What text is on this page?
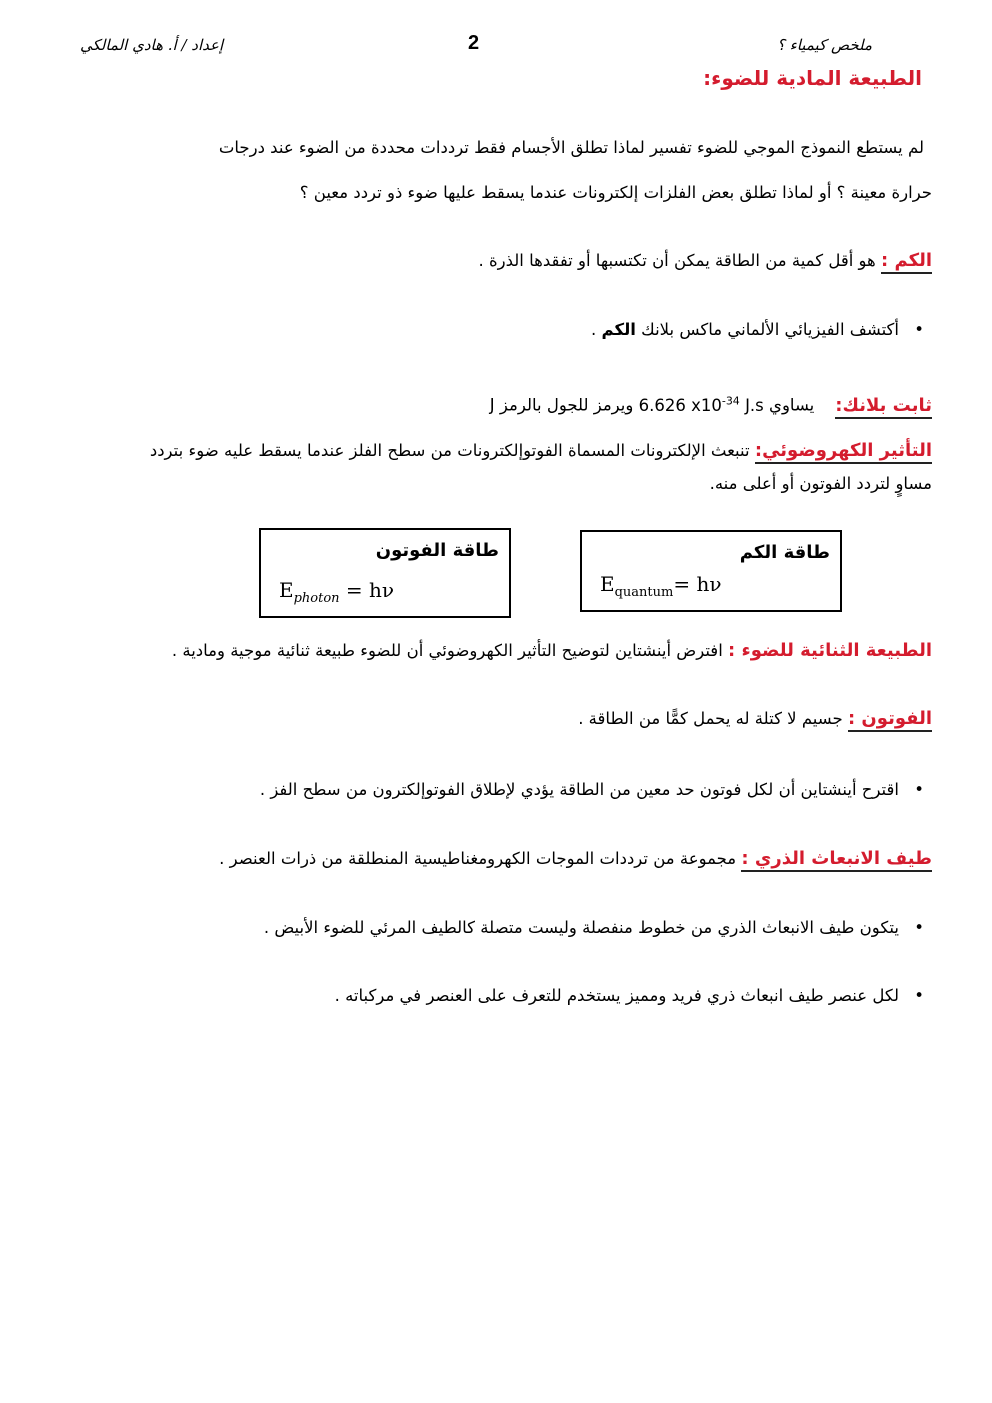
ملخص كيمياء ؟
2
إعداد / أ. هادي المالكي
الطبيعة المادية للضوء:
لم يستطع النموذج الموجي للضوء تفسير لماذا تطلق الأجسام فقط ترددات محددة من الضوء عند درجات
حرارة معينة ؟ أو لماذا تطلق بعض الفلزات إلكترونات عندما يسقط عليها ضوء ذو تردد معين ؟
الكم : هو أقل كمية من الطاقة يمكن أن تكتسبها أو تفقدها الذرة .
• أكتشف الفيزيائي الألماني ماكس بلانك الكم .
ثابت بلانك:    يساوي 6.626 $x10^{-34}$ J.s ويرمز للجول بالرمز J
التأثير الكهروضوئي: تنبعث الإلكترونات المسماة الفوتوإلكترونات من سطح الفلز عندما يسقط عليه ضوء بتردد
مساوٍ لتردد الفوتون أو أعلى منه.
طاقة الكم
$E_{quantum}= h\nu$
طاقة الفوتون
$E_{photon} = h\nu$
الطبيعة الثنائية للضوء : افترض أينشتاين لتوضيح التأثير الكهروضوئي أن للضوء طبيعة ثنائية موجية ومادية .
الفوتون : جسيم لا كتلة له يحمل كمًّا من الطاقة .
• اقترح أينشتاين أن لكل فوتون حد معين من الطاقة يؤدي لإطلاق الفوتوإلكترون من سطح الفز .
طيف الانبعاث الذري : مجموعة من ترددات الموجات الكهرومغناطيسية المنطلقة من ذرات العنصر .
• يتكون طيف الانبعاث الذري من خطوط منفصلة وليست متصلة كالطيف المرئي للضوء الأبيض .
• لكل عنصر طيف انبعاث ذري فريد ومميز يستخدم للتعرف على العنصر في مركباته .
